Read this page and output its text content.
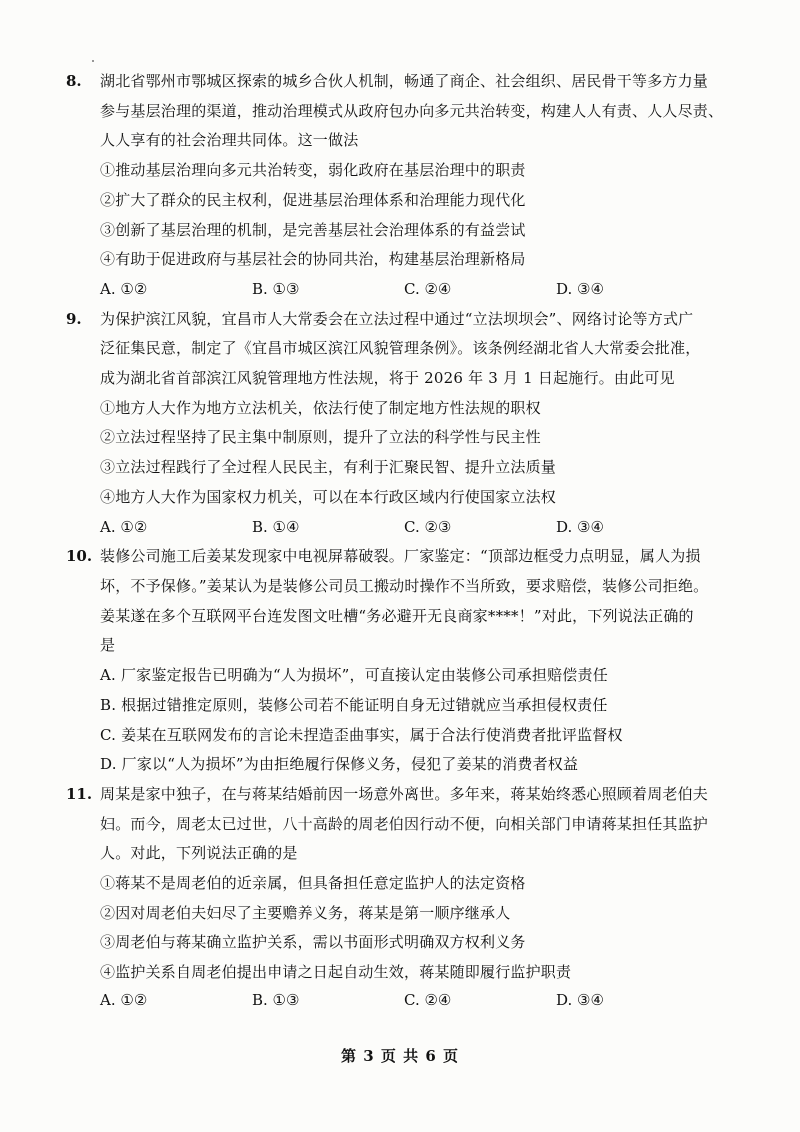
8. 湖北省鄂州市鄂城区探索的城乡合伙人机制，畅通了商企、社会组织、居民骨干等多方力量
参与基层治理的渠道，推动治理模式从政府包办向多元共治转变，构建人人有责、人人尽责、
人人享有的社会治理共同体。这一做法
①推动基层治理向多元共治转变，弱化政府在基层治理中的职责
②扩大了群众的民主权利，促进基层治理体系和治理能力现代化
③创新了基层治理的机制，是完善基层社会治理体系的有益尝试
④有助于促进政府与基层社会的协同共治，构建基层治理新格局
A. ①②	B. ①③	C. ②④	D. ③④
9. 为保护滨江风貌，宜昌市人大常委会在立法过程中通过“立法坝坝会”、网络讨论等方式广
泛征集民意，制定了《宜昌市城区滨江风貌管理条例》。该条例经湖北省人大常委会批准，
成为湖北省首部滨江风貌管理地方性法规，将于 2026 年 3 月 1 日起施行。由此可见
①地方人大作为地方立法机关，依法行使了制定地方性法规的职权
②立法过程坚持了民主集中制原则，提升了立法的科学性与民主性
③立法过程践行了全过程人民民主，有利于汇聚民智、提升立法质量
④地方人大作为国家权力机关，可以在本行政区域内行使国家立法权
A. ①②	B. ①④	C. ②③	D. ③④
10. 装修公司施工后姜某发现家中电视屏幕破裂。厂家鉴定：“顶部边框受力点明显，属人为损
坏，不予保修。”姜某认为是装修公司员工搬动时操作不当所致，要求赔偿，装修公司拒绝。
姜某遂在多个互联网平台连发图文吐槽“务必避开无良商家****！”对此，下列说法正确的
是
A. 厂家鉴定报告已明确为“人为损坏”，可直接认定由装修公司承担赔偿责任
B. 根据过错推定原则，装修公司若不能证明自身无过错就应当承担侵权责任
C. 姜某在互联网发布的言论未捏造歪曲事实，属于合法行使消费者批评监督权
D. 厂家以“人为损坏”为由拒绝履行保修义务，侵犯了姜某的消费者权益
11. 周某是家中独子，在与蒋某结婚前因一场意外离世。多年来，蒋某始终悉心照顾着周老伯夫
妇。而今，周老太已过世，八十高龄的周老伯因行动不便，向相关部门申请蒋某担任其监护
人。对此，下列说法正确的是
①蒋某不是周老伯的近亲属，但具备担任意定监护人的法定资格
②因对周老伯夫妇尽了主要赡养义务，蒋某是第一顺序继承人
③周老伯与蒋某确立监护关系，需以书面形式明确双方权利义务
④监护关系自周老伯提出申请之日起自动生效，蒋某随即履行监护职责
A. ①②	B. ①③	C. ②④	D. ③④
第 3 页 共 6 页
